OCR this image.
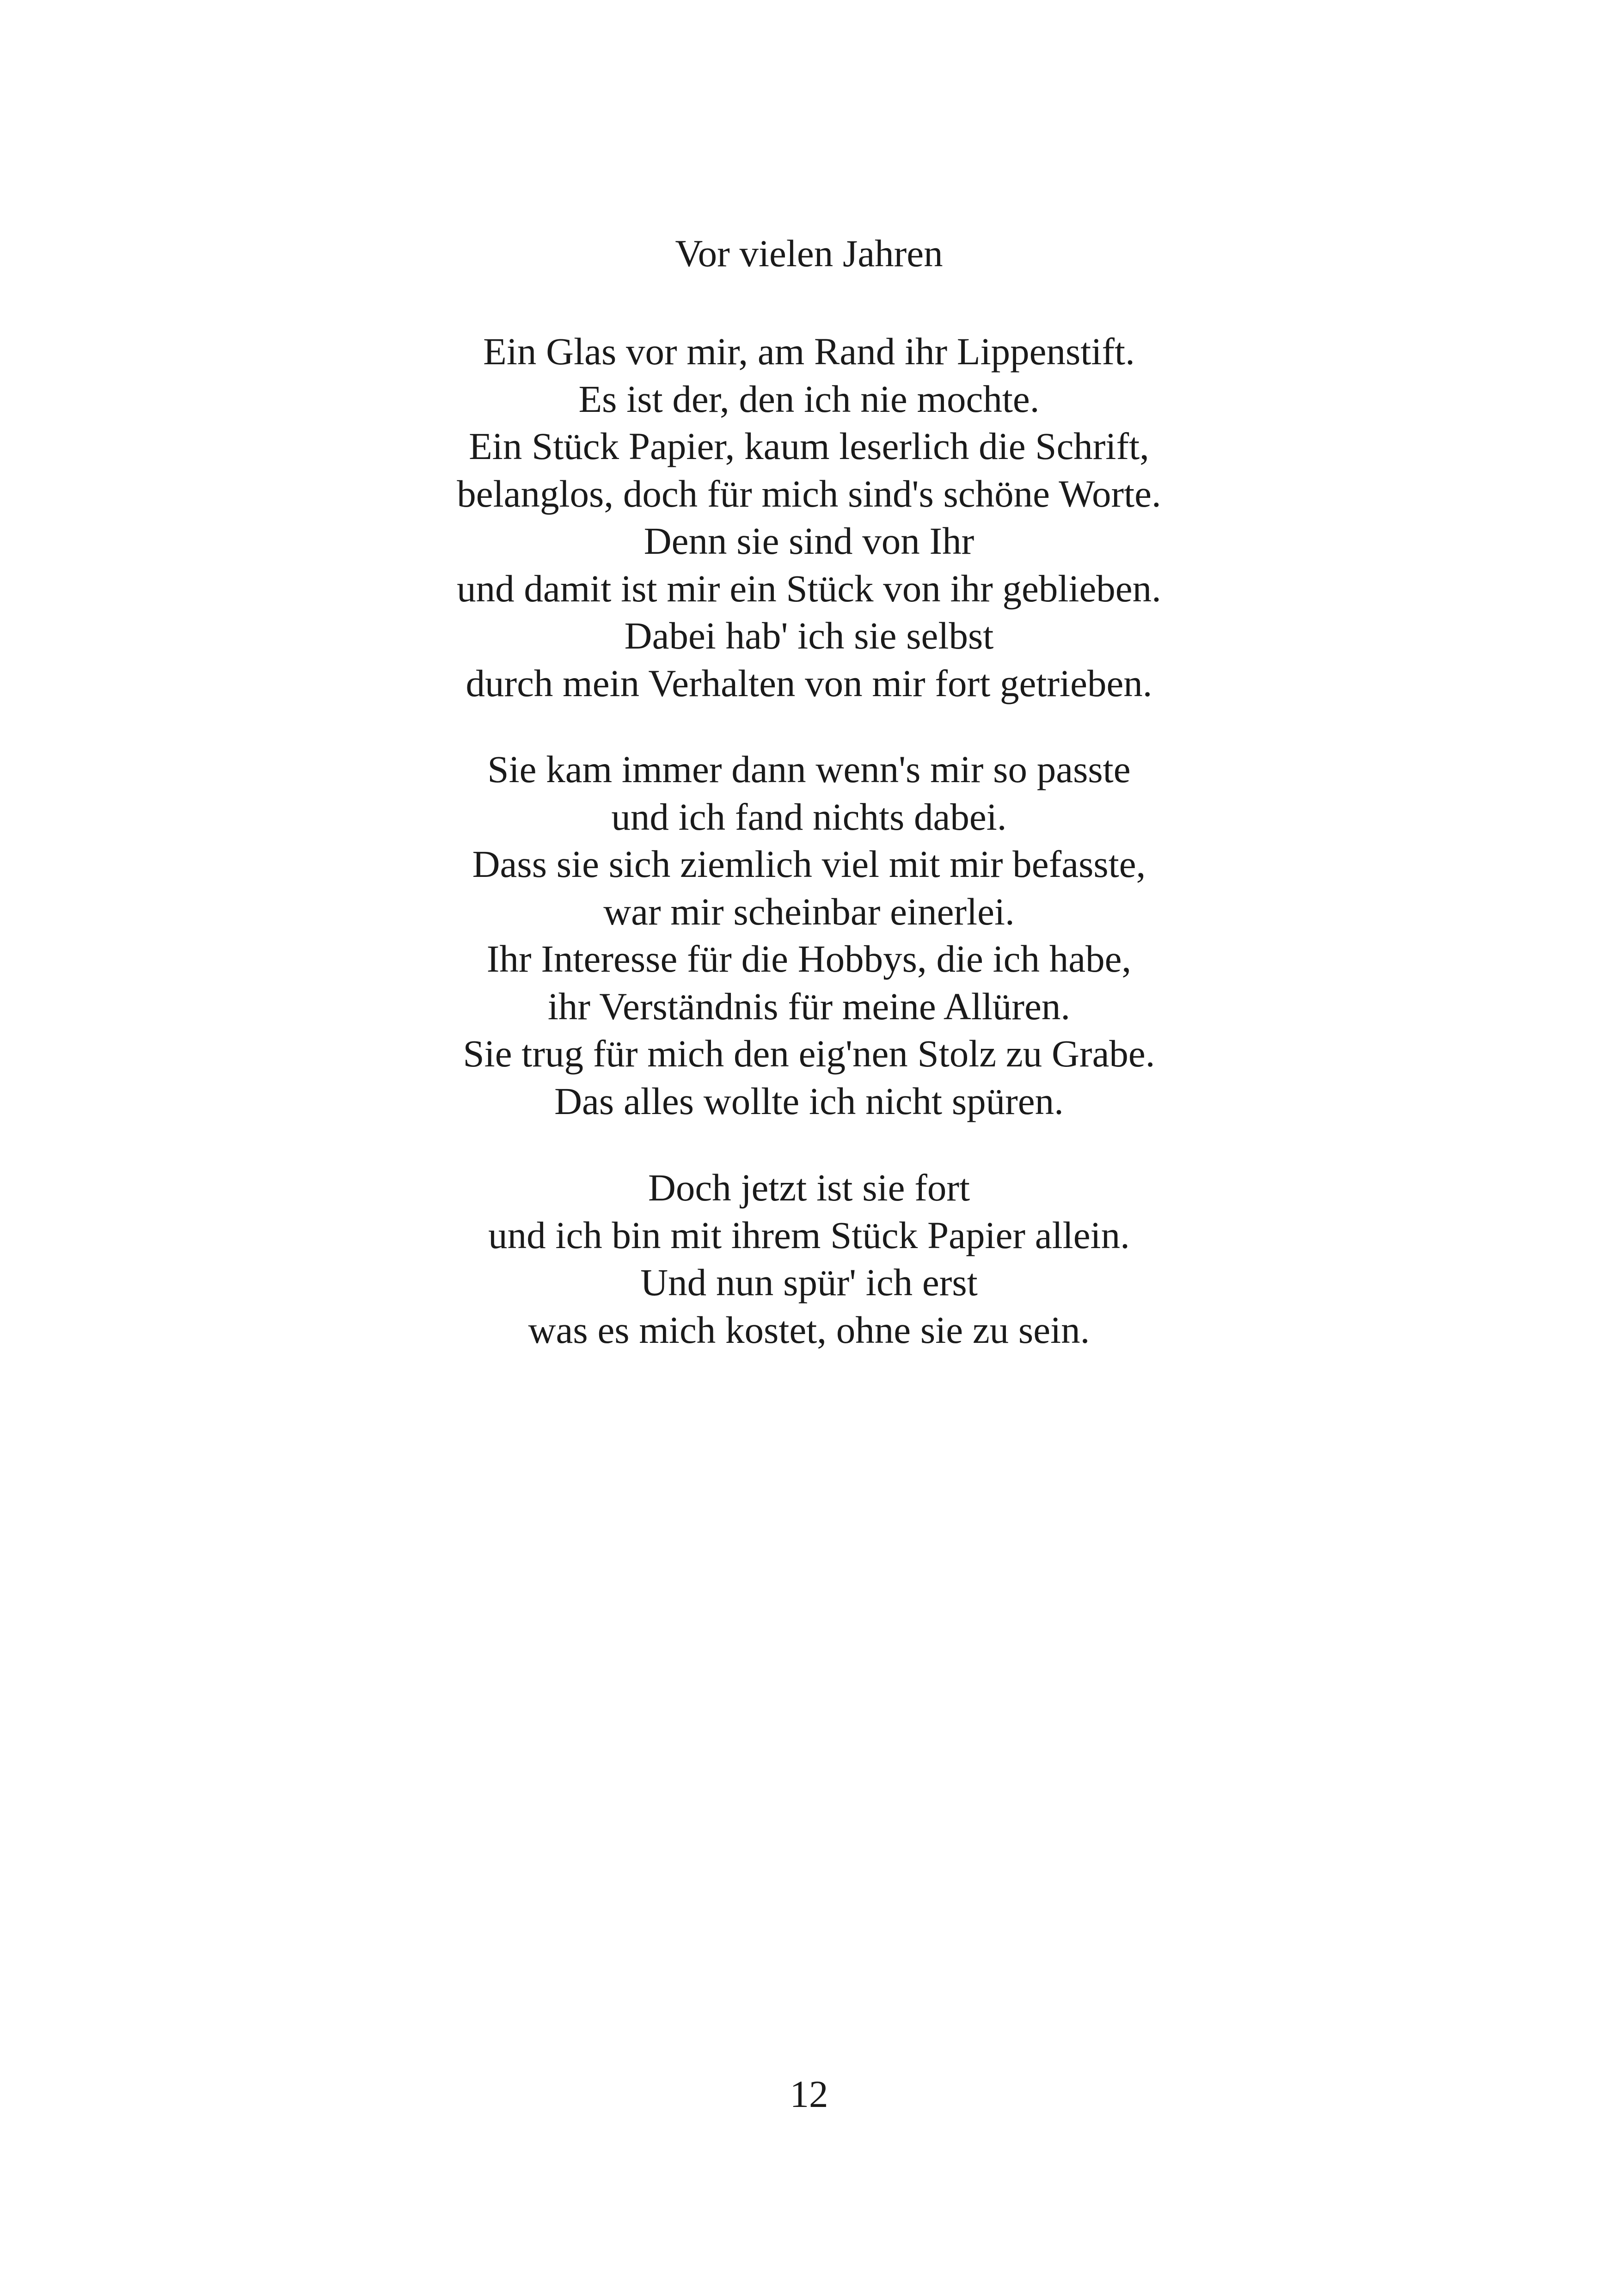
Vor vielen Jahren
Ein Glas vor mir, am Rand ihr Lippenstift.
Es ist der, den ich nie mochte.
Ein Stück Papier, kaum leserlich die Schrift,
belanglos, doch für mich sind's schöne Worte.
Denn sie sind von Ihr
und damit ist mir ein Stück von ihr geblieben.
Dabei hab' ich sie selbst
durch mein Verhalten von mir fort getrieben.
Sie kam immer dann wenn's mir so passte
und ich fand nichts dabei.
Dass sie sich ziemlich viel mit mir befasste,
war mir scheinbar einerlei.
Ihr Interesse für die Hobbys, die ich habe,
ihr Verständnis für meine Allüren.
Sie trug für mich den eig'nen Stolz zu Grabe.
Das alles wollte ich nicht spüren.
Doch jetzt ist sie fort
und ich bin mit ihrem Stück Papier allein.
Und nun spür' ich erst
was es mich kostet, ohne sie zu sein.
12
